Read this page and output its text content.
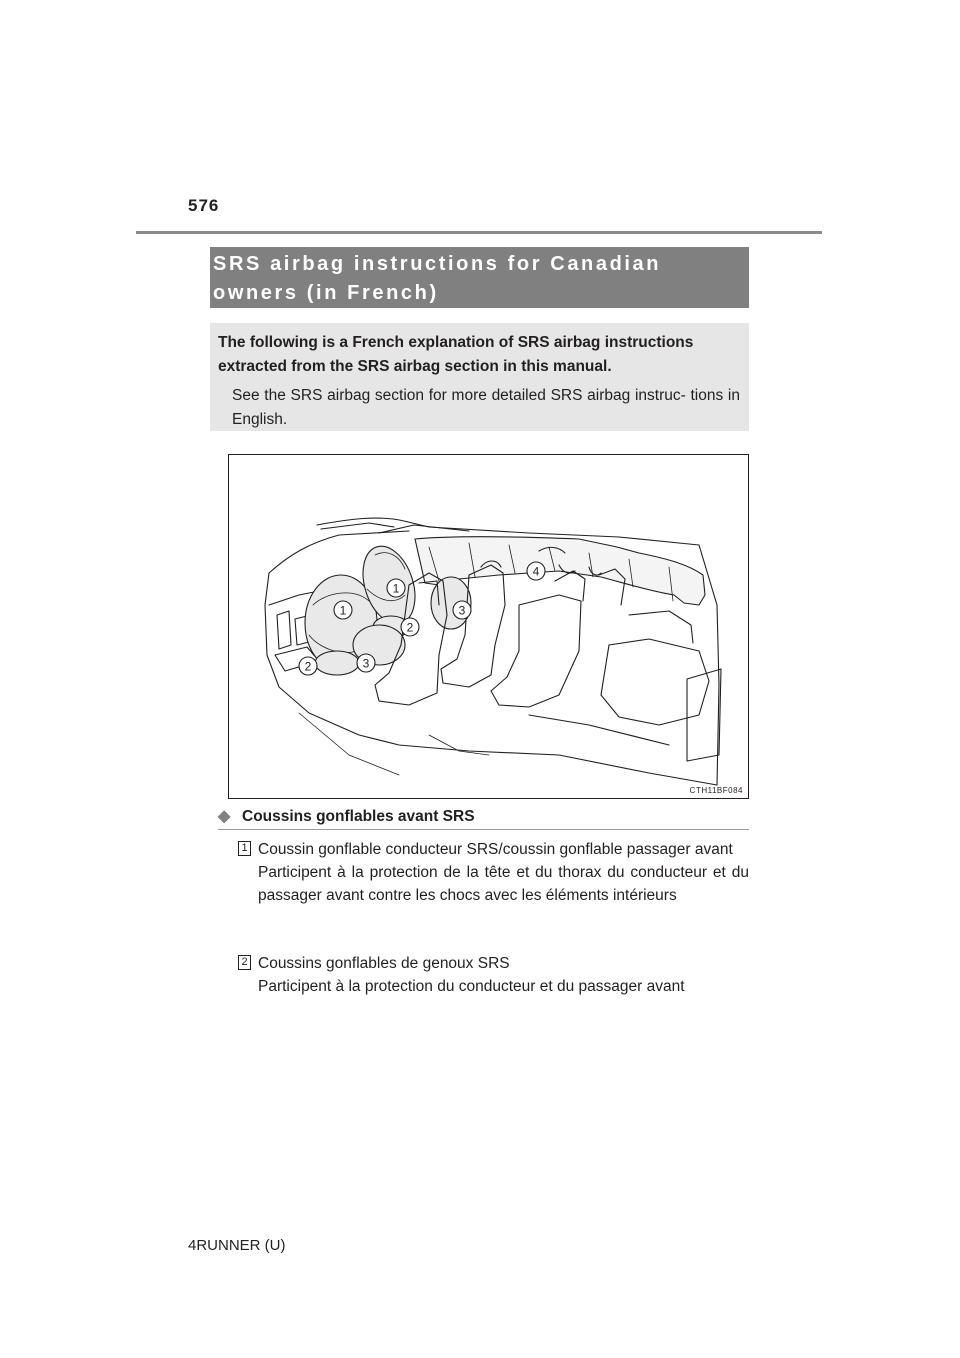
576
SRS airbag instructions for Canadian
owners (in French)
The following is a French explanation of SRS airbag instructions extracted from the SRS airbag section in this manual.
See the SRS airbag section for more detailed SRS airbag instruc- tions in English.
1
1
2
2
3
3
4
CTH11BF084
◆ Coussins gonflables avant SRS
1 Coussin gonflable conducteur SRS/coussin gonflable passager avant
Participent à la protection de la tête et du thorax du conducteur et du passager avant contre les chocs avec les éléments intérieurs
2 Coussins gonflables de genoux SRS
Participent à la protection du conducteur et du passager avant
4RUNNER (U)
